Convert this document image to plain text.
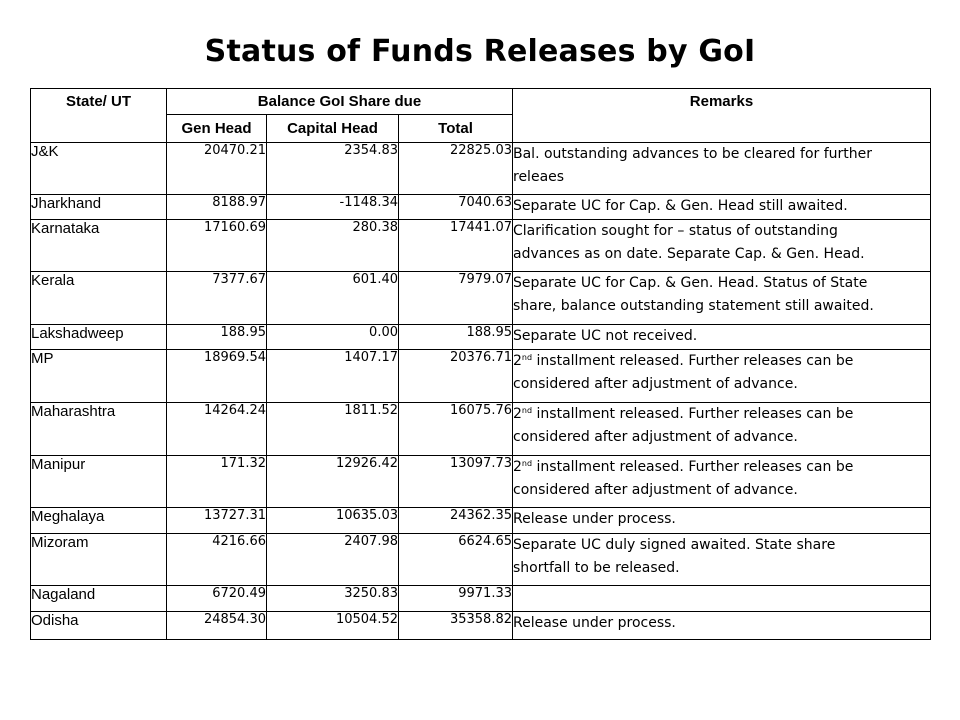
Status of Funds Releases by GoI
State/ UT	Balance GoI Share due			Remarks
	Gen Head	Capital Head	Total	
J&K	20470.21	2354.83	22825.03	Bal. outstanding advances to be cleared for further
releaes

Jharkhand	8188.97	-1148.34	7040.63	Separate UC for Cap. & Gen. Head still awaited.

Karnataka	17160.69	280.38	17441.07	Clarification sought for – status of outstanding
advances as on date. Separate Cap. & Gen. Head.

Kerala	7377.67	601.40	7979.07	Separate UC for Cap. & Gen. Head. Status of State
share, balance outstanding statement still awaited.

Lakshadweep	188.95	0.00	188.95	Separate UC not received.

MP	18969.54	1407.17	20376.71	2nd installment released. Further releases can be
considered after adjustment of advance.

Maharashtra	14264.24	1811.52	16075.76	2nd installment released. Further releases can be
considered after adjustment of advance.

Manipur	171.32	12926.42	13097.73	2nd installment released. Further releases can be
considered after adjustment of advance.

Meghalaya	13727.31	10635.03	24362.35	Release under process.

Mizoram	4216.66	2407.98	6624.65	Separate UC duly signed awaited. State share
shortfall to be released.

Nagaland	6720.49	3250.83	9971.33	
Odisha	24854.30	10504.52	35358.82	Release under process.
